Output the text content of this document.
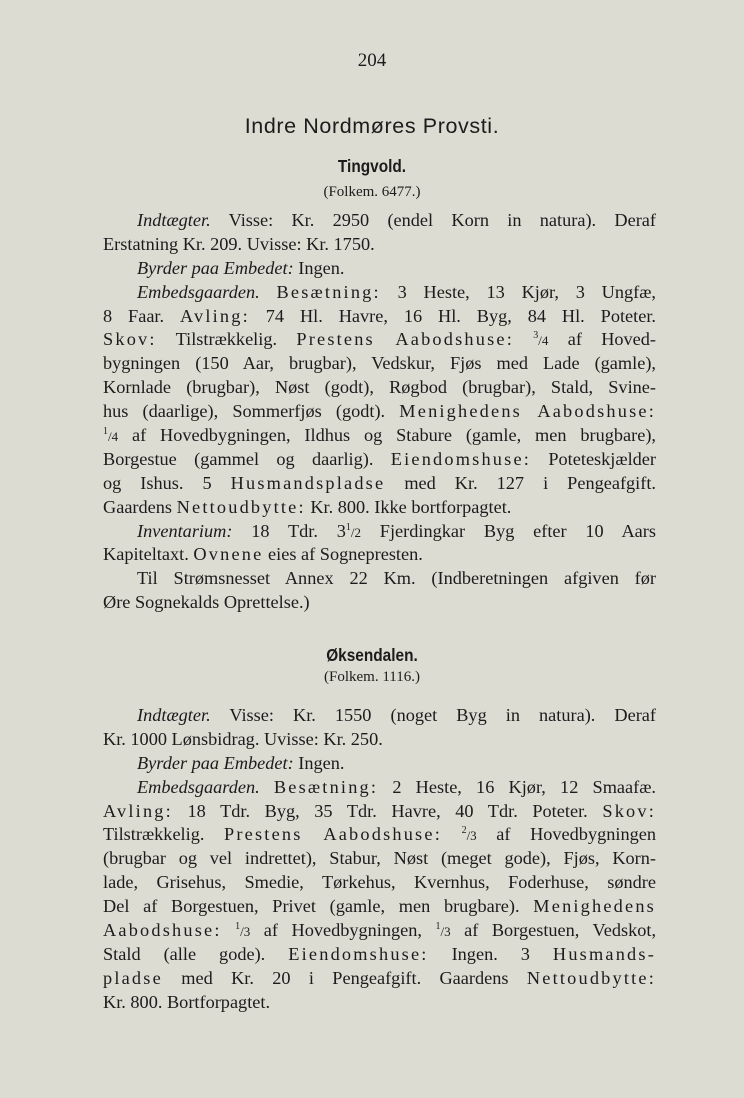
204
Indre Nordmøres Provsti.
Tingvold.
(Folkem. 6477.)
Indtægter. Visse: Kr. 2950 (endel Korn in natura). Deraf
Erstatning Kr. 209. Uvisse: Kr. 1750.
Byrder paa Embedet: Ingen.
Embedsgaarden. Besætning: 3 Heste, 13 Kjør, 3 Ungfæ,
8 Faar. Avling: 74 Hl. Havre, 16 Hl. Byg, 84 Hl. Poteter.
Skov: Tilstrækkelig. Prestens Aabodshuse: $^3$/4 af Hoved-
bygningen (150 Aar, brugbar), Vedskur, Fjøs med Lade (gamle),
Kornlade (brugbar), Nøst (godt), Røgbod (brugbar), Stald, Svine-
hus (daarlige), Sommerfjøs (godt). Menighedens Aabodshuse:
$^1$/4 af Hovedbygningen, Ildhus og Stabure (gamle, men brugbare),
Borgestue (gammel og daarlig). Eiendomshuse: Poteteskjælder
og Ishus. 5 Husmandspladse med Kr. 127 i Pengeafgift.
Gaardens Nettoudbytte: Kr. 800. Ikke bortforpagtet.
Inventarium: 18 Tdr. $3^1/2$ Fjerdingkar Byg efter 10 Aars
Kapiteltaxt. Ovnene eies af Sognepresten.
Til Strømsnesset Annex 22 Km. (Indberetningen afgiven før
Øre Sognekalds Oprettelse.)
Øksendalen.
(Folkem. 1116.)
Indtægter. Visse: Kr. 1550 (noget Byg in natura). Deraf
Kr. 1000 Lønsbidrag. Uvisse: Kr. 250.
Byrder paa Embedet: Ingen.
Embedsgaarden. Besætning: 2 Heste, 16 Kjør, 12 Smaafæ.
Avling: 18 Tdr. Byg, 35 Tdr. Havre, 40 Tdr. Poteter. Skov:
Tilstrækkelig. Prestens Aabodshuse: $^2$/3 af Hovedbygningen
(brugbar og vel indrettet), Stabur, Nøst (meget gode), Fjøs, Korn-
lade, Grisehus, Smedie, Tørkehus, Kvernhus, Foderhuse, søndre
Del af Borgestuen, Privet (gamle, men brugbare). Menighedens
Aabodshuse: $^1$/3 af Hovedbygningen, $^1$/3 af Borgestuen, Vedskot,
Stald (alle gode). Eiendomshuse: Ingen. 3 Husmands-
pladse med Kr. 20 i Pengeafgift. Gaardens Nettoudbytte:
Kr. 800. Bortforpagtet.
